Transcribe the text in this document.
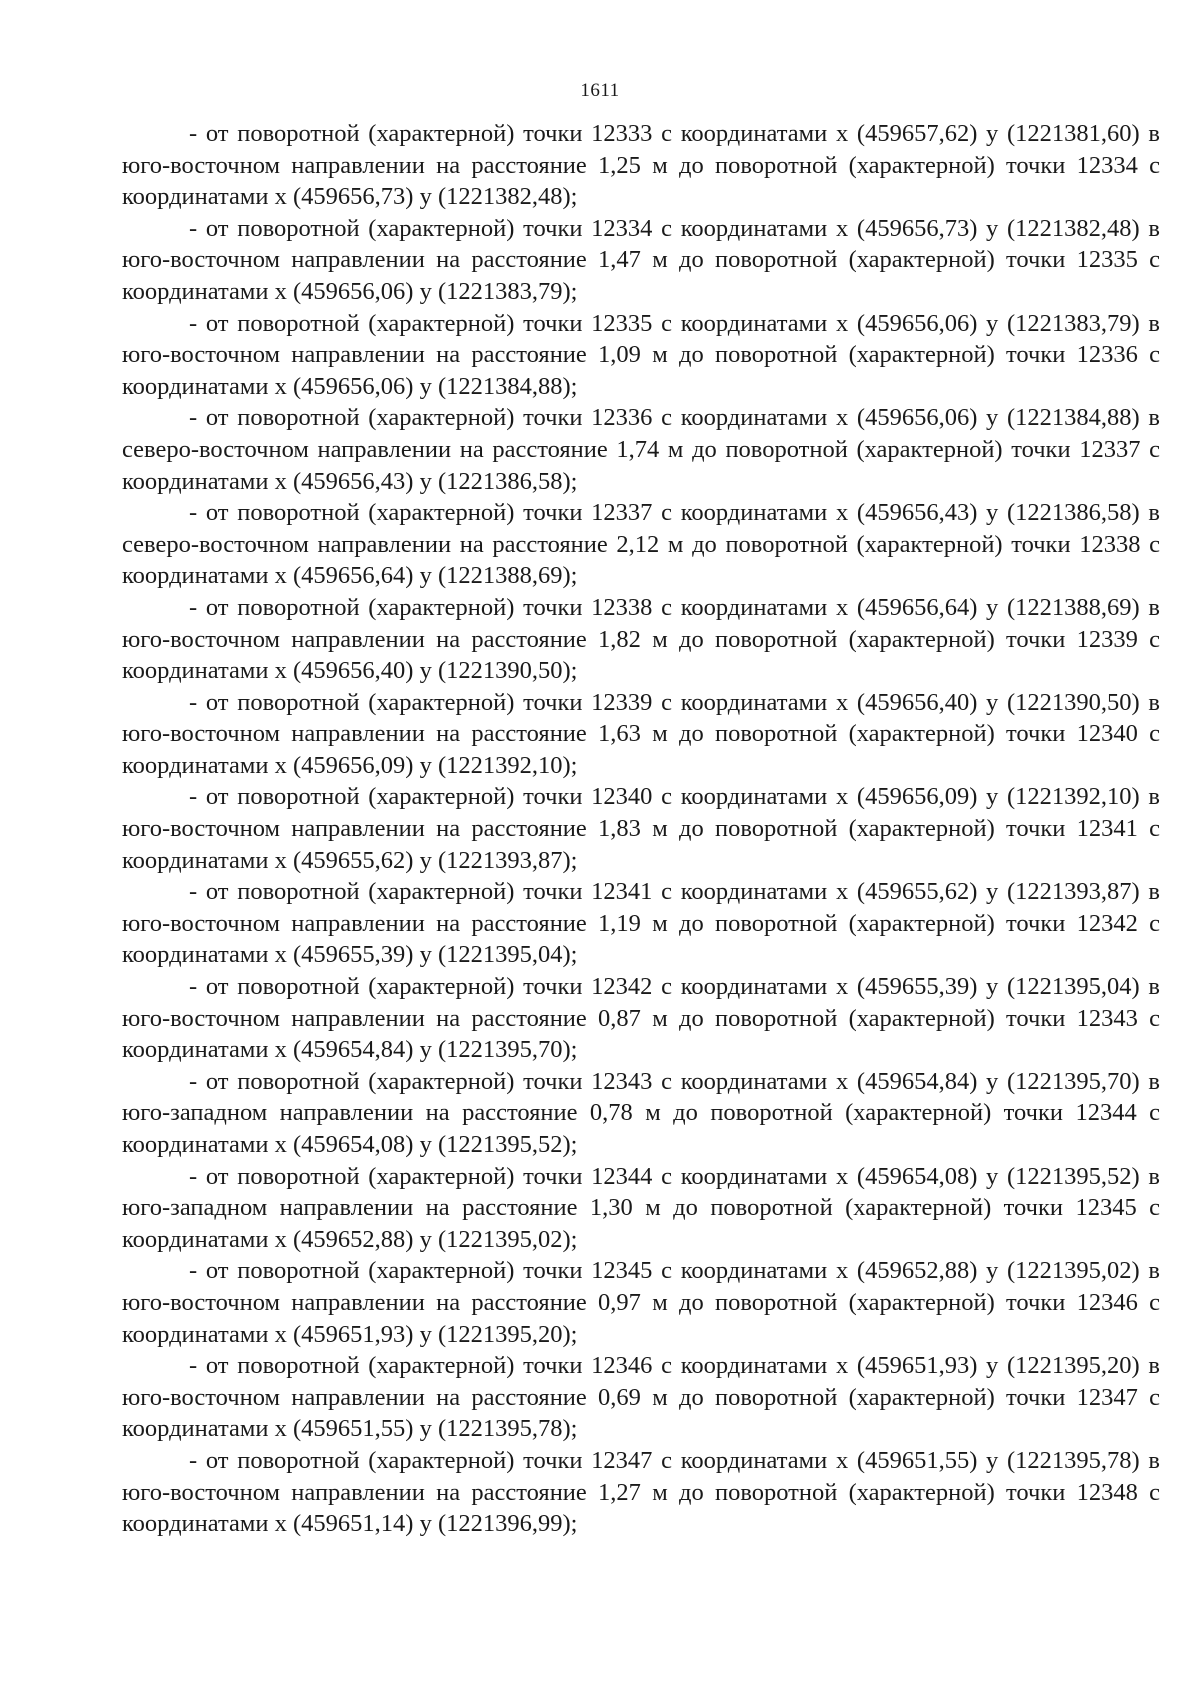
1611

- от поворотной (характерной) точки 12333 с координатами x (459657,62) y (1221381,60) в юго-восточном направлении на расстояние 1,25 м до поворотной (характерной) точки 12334 с координатами x (459656,73) y (1221382,48);

- от поворотной (характерной) точки 12334 с координатами x (459656,73) y (1221382,48) в юго-восточном направлении на расстояние 1,47 м до поворотной (характерной) точки 12335 с координатами x (459656,06) y (1221383,79);

- от поворотной (характерной) точки 12335 с координатами x (459656,06) y (1221383,79) в юго-восточном направлении на расстояние 1,09 м до поворотной (характерной) точки 12336 с координатами x (459656,06) y (1221384,88);

- от поворотной (характерной) точки 12336 с координатами x (459656,06) y (1221384,88) в северо-восточном направлении на расстояние 1,74 м до поворотной (характерной) точки 12337 с координатами x (459656,43) y (1221386,58);

- от поворотной (характерной) точки 12337 с координатами x (459656,43) y (1221386,58) в северо-восточном направлении на расстояние 2,12 м до поворотной (характерной) точки 12338 с координатами x (459656,64) y (1221388,69);

- от поворотной (характерной) точки 12338 с координатами x (459656,64) y (1221388,69) в юго-восточном направлении на расстояние 1,82 м до поворотной (характерной) точки 12339 с координатами x (459656,40) y (1221390,50);

- от поворотной (характерной) точки 12339 с координатами x (459656,40) y (1221390,50) в юго-восточном направлении на расстояние 1,63 м до поворотной (характерной) точки 12340 с координатами x (459656,09) y (1221392,10);

- от поворотной (характерной) точки 12340 с координатами x (459656,09) y (1221392,10) в юго-восточном направлении на расстояние 1,83 м до поворотной (характерной) точки 12341 с координатами x (459655,62) y (1221393,87);

- от поворотной (характерной) точки 12341 с координатами x (459655,62) y (1221393,87) в юго-восточном направлении на расстояние 1,19 м до поворотной (характерной) точки 12342 с координатами x (459655,39) y (1221395,04);

- от поворотной (характерной) точки 12342 с координатами x (459655,39) y (1221395,04) в юго-восточном направлении на расстояние 0,87 м до поворотной (характерной) точки 12343 с координатами x (459654,84) y (1221395,70);

- от поворотной (характерной) точки 12343 с координатами x (459654,84) y (1221395,70) в юго-западном направлении на расстояние 0,78 м до поворотной (характерной) точки 12344 с координатами x (459654,08) y (1221395,52);

- от поворотной (характерной) точки 12344 с координатами x (459654,08) y (1221395,52) в юго-западном направлении на расстояние 1,30 м до поворотной (характерной) точки 12345 с координатами x (459652,88) y (1221395,02);

- от поворотной (характерной) точки 12345 с координатами x (459652,88) y (1221395,02) в юго-восточном направлении на расстояние 0,97 м до поворотной (характерной) точки 12346 с координатами x (459651,93) y (1221395,20);

- от поворотной (характерной) точки 12346 с координатами x (459651,93) y (1221395,20) в юго-восточном направлении на расстояние 0,69 м до поворотной (характерной) точки 12347 с координатами x (459651,55) y (1221395,78);

- от поворотной (характерной) точки 12347 с координатами x (459651,55) y (1221395,78) в юго-восточном направлении на расстояние 1,27 м до поворотной (характерной) точки 12348 с координатами x (459651,14) y (1221396,99);
